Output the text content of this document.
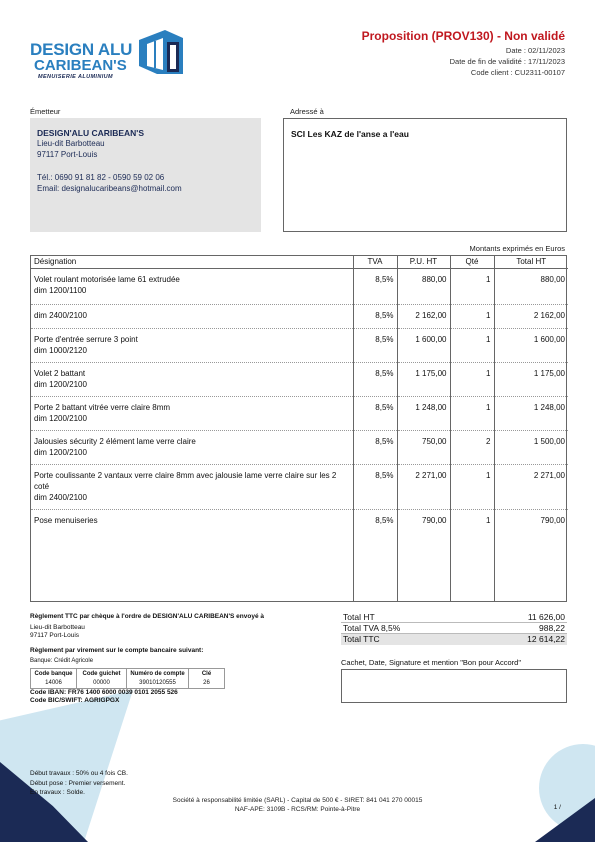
DESIGN ALU
CARIBEAN'S
MENUISERIE ALUMINIUM
Proposition (PROV130) - Non validé
Date : 02/11/2023
Date de fin de validité : 17/11/2023
Code client : CU2311-00107
Émetteur	Adressé à
DESIGN'ALU CARIBEAN'S
Lieu-dit Barbotteau
97117 Port-Louis
Tél.: 0690 91 81 82 - 0590 59 02 06
Email: designalucaribeans@hotmail.com
SCI Les KAZ de l'anse a l'eau
Montants exprimés en Euros
Désignation	TVA	P.U. HT	Qté	Total HT

Volet roulant motorisée lame 61 extrudée
dim 1200/1100	8,5%	880,00	1	880,00

dim 2400/2100	8,5%	2 162,00	1	2 162,00

Porte d'entrée serrure 3 point
dim 1000/2120	8,5%	1 600,00	1	1 600,00

Volet 2 battant
dim 1200/2100	8,5%	1 175,00	1	1 175,00

Porte 2 battant vitrée verre claire 8mm
dim 1200/2100	8,5%	1 248,00	1	1 248,00

Jalousies sécurity 2 élément lame verre claire
dim 1200/2100	8,5%	750,00	2	1 500,00

Porte coulissante 2 vantaux verre claire 8mm avec jalousie lame verre claire sur les 2 coté
dim 2400/2100	8,5%	2 271,00	1	2 271,00

Pose menuiseries	8,5%	790,00	1	790,00
Règlement TTC par chèque à l'ordre de DESIGN'ALU CARIBEAN'S envoyé à
Lieu-dit Barbotteau
97117 Port-Louis
Règlement par virement sur le compte bancaire suivant:
Banque: Crédit Agricole
Code banque	Code guichet	Numéro de compte	Clé
14006	00000	39010120555	26
Code IBAN: FR76 1400 6000 0039 0101 2055 526
Code BIC/SWIFT: AGRIGPGX
Total HT	11 626,00
Total TVA 8,5%	988,22
Total TTC	12 614,22
Cachet, Date, Signature et mention "Bon pour Accord"
Début travaux : 50% ou 4 fois CB.
Début pose : Premier versement.
En travaux : Solde.
Société à responsabilité limitée (SARL) - Capital de 500 € - SIRET: 841 041 270 00015
NAF-APE: 3109B - RCS/RM: Pointe-à-Pitre	1 /
